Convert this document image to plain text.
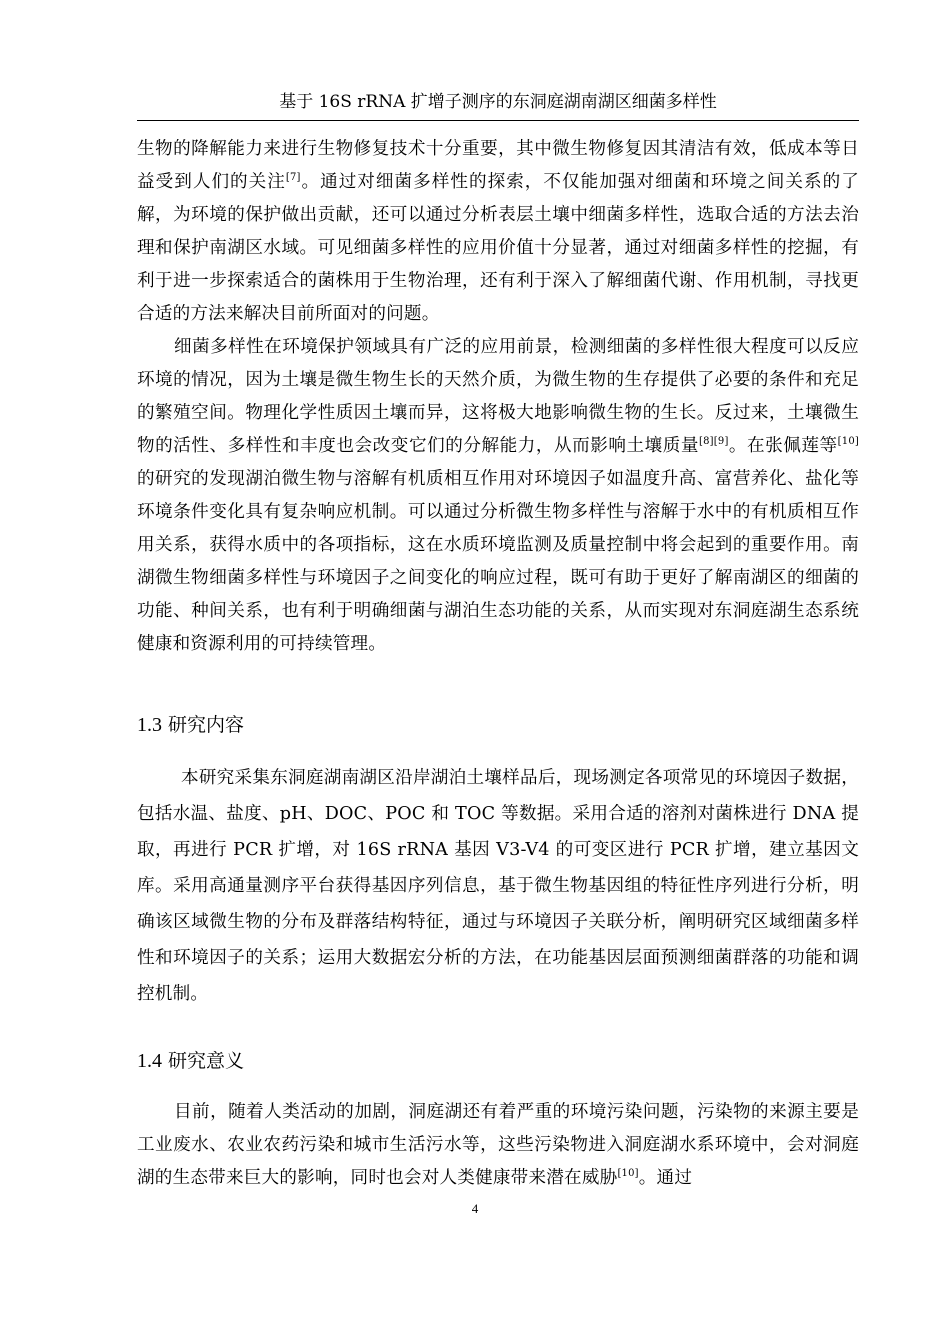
基于 16S rRNA 扩增子测序的东洞庭湖南湖区细菌多样性

生物的降解能力来进行生物修复技术十分重要，其中微生物修复因其清洁有效，低成本等日益受到人们的关注[7]。通过对细菌多样性的探索，不仅能加强对细菌和环境之间关系的了解，为环境的保护做出贡献，还可以通过分析表层土壤中细菌多样性，选取合适的方法去治理和保护南湖区水域。可见细菌多样性的应用价值十分显著，通过对细菌多样性的挖掘，有利于进一步探索适合的菌株用于生物治理，还有利于深入了解细菌代谢、作用机制，寻找更合适的方法来解决目前所面对的问题。

细菌多样性在环境保护领域具有广泛的应用前景，检测细菌的多样性很大程度可以反应环境的情况，因为土壤是微生物生长的天然介质，为微生物的生存提供了必要的条件和充足的繁殖空间。物理化学性质因土壤而异，这将极大地影响微生物的生长。反过来，土壤微生物的活性、多样性和丰度也会改变它们的分解能力，从而影响土壤质量[8][9]。在张佩莲等[10]的研究的发现湖泊微生物与溶解有机质相互作用对环境因子如温度升高、富营养化、盐化等环境条件变化具有复杂响应机制。可以通过分析微生物多样性与溶解于水中的有机质相互作用关系，获得水质中的各项指标，这在水质环境监测及质量控制中将会起到的重要作用。南湖微生物细菌多样性与环境因子之间变化的响应过程，既可有助于更好了解南湖区的细菌的功能、种间关系，也有利于明确细菌与湖泊生态功能的关系，从而实现对东洞庭湖生态系统健康和资源利用的可持续管理。

1.3 研究内容

本研究采集东洞庭湖南湖区沿岸湖泊土壤样品后，现场测定各项常见的环境因子数据，包括水温、盐度、pH、DOC、POC 和 TOC 等数据。采用合适的溶剂对菌株进行 DNA 提取，再进行 PCR 扩增，对 16S rRNA 基因 V3-V4 的可变区进行 PCR 扩增，建立基因文库。采用高通量测序平台获得基因序列信息，基于微生物基因组的特征性序列进行分析，明确该区域微生物的分布及群落结构特征，通过与环境因子关联分析，阐明研究区域细菌多样性和环境因子的关系；运用大数据宏分析的方法，在功能基因层面预测细菌群落的功能和调控机制。

1.4 研究意义

目前，随着人类活动的加剧，洞庭湖还有着严重的环境污染问题，污染物的来源主要是工业废水、农业农药污染和城市生活污水等，这些污染物进入洞庭湖水系环境中，会对洞庭湖的生态带来巨大的影响，同时也会对人类健康带来潜在威胁[10]。通过

4
